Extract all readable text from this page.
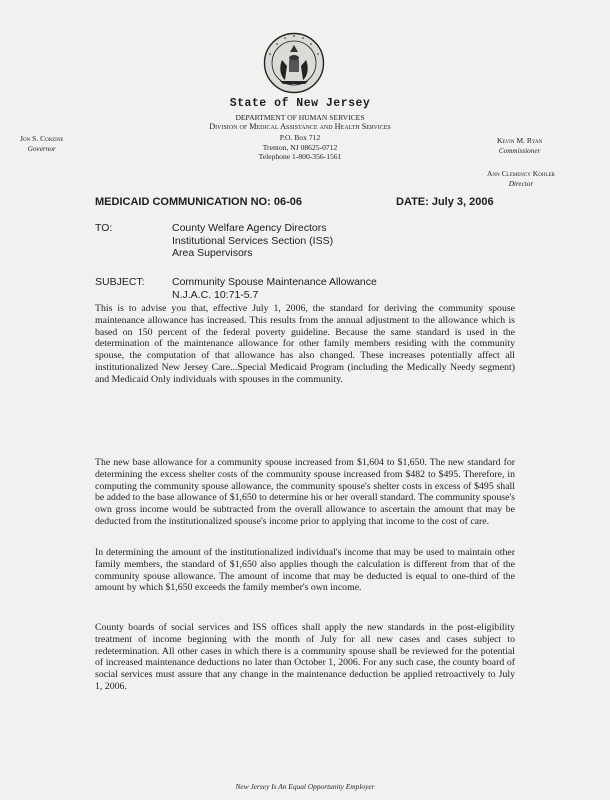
State of New Jersey
DEPARTMENT OF HUMAN SERVICES
Division of Medical Assistance and Health Services
P.O. Box 712
Trenton, NJ 08625-0712
Telephone 1-800-356-1561
Jon S. Corzine
Governor
Kevin M. Ryan
Commissioner
Ann Clemency Kohler
Director
MEDICAID COMMUNICATION NO: 06-06	DATE: July 3, 2006
TO:	County Welfare Agency Directors
Institutional Services Section (ISS)
Area Supervisors
SUBJECT:	Community Spouse Maintenance Allowance
N.J.A.C. 10:71-5.7

This is to advise you that, effective July 1, 2006, the standard for deriving the community spouse maintenance allowance has increased. This results from the annual adjustment to the allowance which is based on 150 percent of the federal poverty guideline. Because the same standard is used in the determination of the maintenance allowance for other family members residing with the community spouse, the computation of that allowance has also changed. These increases potentially affect all institutionalized New Jersey Care...Special Medicaid Program (including the Medically Needy segment) and Medicaid Only individuals with spouses in the community.

The new base allowance for a community spouse increased from $1,604 to $1,650. The new standard for determining the excess shelter costs of the community spouse increased from $482 to $495. Therefore, in computing the community spouse allowance, the community spouse's shelter costs in excess of $495 shall be added to the base allowance of $1,650 to determine his or her overall standard. The community spouse's own gross income would be subtracted from the overall allowance to ascertain the amount that may be deducted from the institutionalized spouse's income prior to applying that income to the cost of care.

In determining the amount of the institutionalized individual's income that may be used to maintain other family members, the standard of $1,650 also applies though the calculation is different from that of the community spouse allowance. The amount of income that may be deducted is equal to one-third of the amount by which $1,650 exceeds the family member's own income.

County boards of social services and ISS offices shall apply the new standards in the post-eligibility treatment of income beginning with the month of July for all new cases and cases subject to redetermination. All other cases in which there is a community spouse shall be reviewed for the potential of increased maintenance deductions no later than October 1, 2006. For any such case, the county board of social services must assure that any change in the maintenance deduction be applied retroactively to July 1, 2006.

New Jersey Is An Equal Opportunity Employer
